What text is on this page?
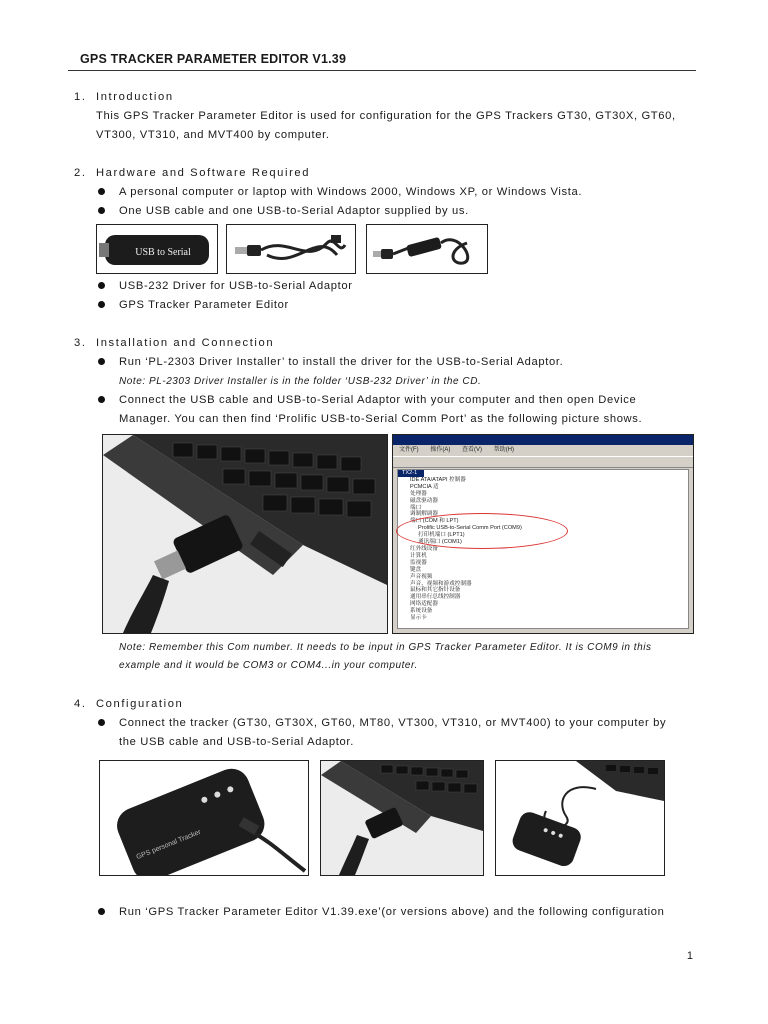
GPS TRACKER PARAMETER EDITOR V1.39
1. Introduction
This GPS Tracker Parameter Editor is used for configuration for the GPS Trackers GT30, GT30X, GT60,
VT300, VT310, and MVT400 by computer.
2. Hardware and Software Required
A personal computer or laptop with Windows 2000, Windows XP, or Windows Vista.
One USB cable and one USB-to-Serial Adaptor supplied by us.
USB to Serial
USB-232 Driver for USB-to-Serial Adaptor
GPS Tracker Parameter Editor
3. Installation and Connection
Run ‘PL-2303 Driver Installer’ to install the driver for the USB-to-Serial Adaptor.
Note: PL-2303 Driver Installer is in the folder ‘USB-232 Driver’ in the CD.
Connect the USB cable and USB-to-Serial Adaptor with your computer and then open Device
Manager. You can then find ‘Prolific USB-to-Serial Comm Port’ as the following picture shows.
文件(F) 操作(A) 查看(V) 帮助(H)
TX2-1
IDE ATA/ATAPI 控制器
PCMCIA 适
处理器
磁盘驱动器
端口
调制解调器
端口 (COM 和 LPT)
Prolific USB-to-Serial Comm Port (COM9)
打印机端口 (LPT1)
通讯端口 (COM1)
红外线设备
计算机
监视器
键盘
声音视频
声音、视频和游戏控制器
鼠标和其它指针设备
通用串行总线控制器
网络适配器
系统设备
显示卡
Note: Remember this Com number. It needs to be input in GPS Tracker Parameter Editor. It is COM9 in this
example and it would be COM3 or COM4...in your computer.
4. Configuration
Connect the tracker (GT30, GT30X, GT60, MT80, VT300, VT310, or MVT400) to your computer by
the USB cable and USB-to-Serial Adaptor.
GPS personal Tracker
Run ‘GPS Tracker Parameter Editor V1.39.exe’(or versions above) and the following configuration
1
